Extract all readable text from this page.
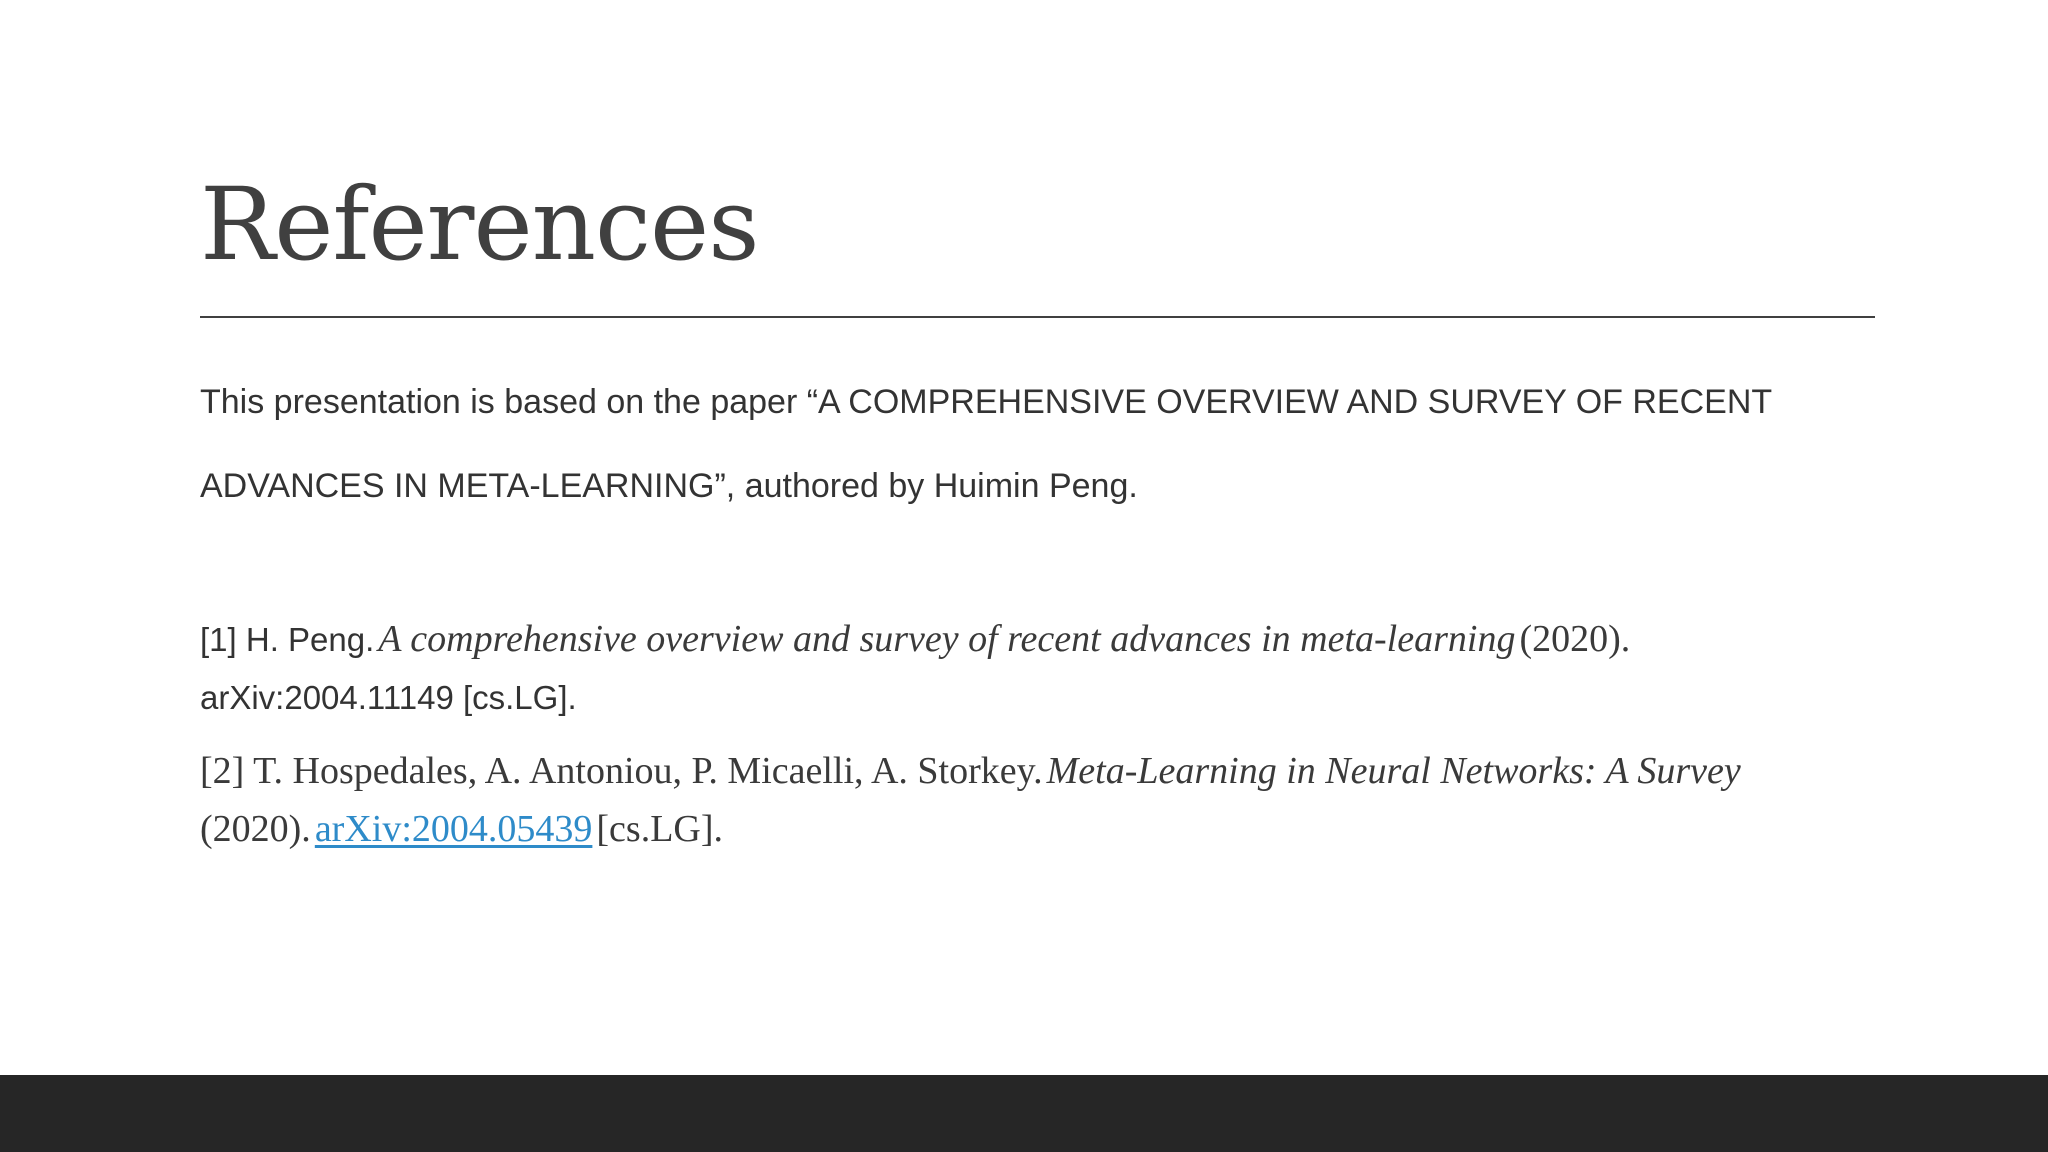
References

This presentation is based on the paper “A COMPREHENSIVE OVERVIEW AND SURVEY OF RECENT
ADVANCES IN META-LEARNING”, authored by Huimin Peng.

[1] H. Peng. A comprehensive overview and survey of recent advances in meta-learning (2020).
arXiv:2004.11149 [cs.LG].

[2] T. Hospedales, A. Antoniou, P. Micaelli, A. Storkey. Meta-Learning in Neural Networks: A Survey
(2020). arXiv:2004.05439 [cs.LG].
